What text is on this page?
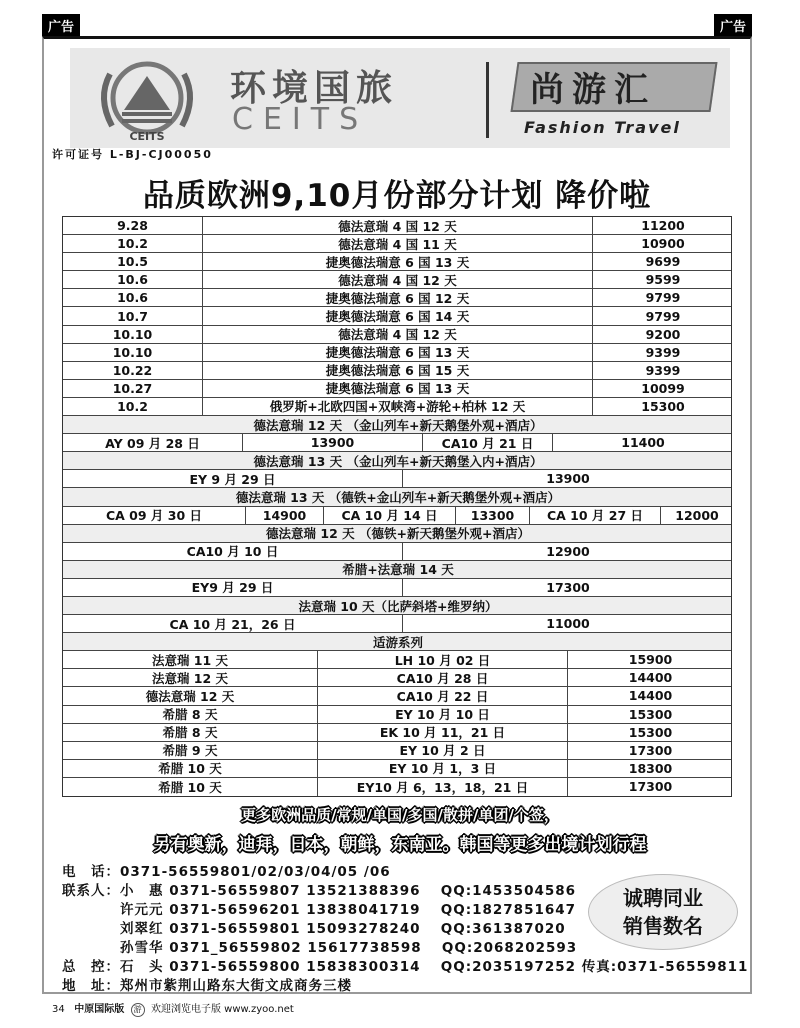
广告	广告
CEITS
环境国旅
CEITS
尚游汇
Fashion Travel
许可证号 L-BJ-CJ00050
品质欧洲9,10月份部分计划 降价啦
9.28	德法意瑞 4 国 12 天	11200
10.2	德法意瑞 4 国 11 天	10900
10.5	捷奥德法瑞意 6 国 13 天	9699
10.6	德法意瑞 4 国 12 天	9599
10.6	捷奥德法瑞意 6 国 12 天	9799
10.7	捷奥德法瑞意 6 国 14 天	9799
10.10	德法意瑞 4 国 12 天	9200
10.10	捷奥德法瑞意 6 国 13 天	9399
10.22	捷奥德法瑞意 6 国 15 天	9399
10.27	捷奥德法瑞意 6 国 13 天	10099
10.2	俄罗斯+北欧四国+双峡湾+游轮+柏林 12 天	15300
德法意瑞 12 天 （金山列车+新天鹅堡外观+酒店）
AY 09 月 28 日	13900	CA10 月 21 日	11400
德法意瑞 13 天 （金山列车+新天鹅堡入内+酒店）
EY 9 月 29 日	13900
德法意瑞 13 天 （德铁+金山列车+新天鹅堡外观+酒店）
CA 09 月 30 日	14900	CA 10 月 14 日	13300	CA 10 月 27 日	12000
德法意瑞 12 天 （德铁+新天鹅堡外观+酒店）
CA10 月 10 日	12900
希腊+法意瑞 14 天
EY9 月 29 日	17300
法意瑞 10 天（比萨斜塔+维罗纳）
CA 10 月 21，26 日	11000
适游系列
法意瑞 11 天	LH 10 月 02 日	15900
法意瑞 12 天	CA10 月 28 日	14400
德法意瑞 12 天	CA10 月 22 日	14400
希腊 8 天	EY 10 月 10 日	15300
希腊 8 天	EK 10 月 11，21 日	15300
希腊 9 天	EY 10 月 2 日	17300
希腊 10 天	EY 10 月 1，3 日	18300
希腊 10 天	EY10 月 6，13，18，21 日	17300
更多欧洲品质/常规/单国/多国/散拼/单团/个签，
另有奥新，迪拜，日本，朝鲜，东南亚。韩国等更多出境计划行程
电　话：0371-56559801/02/03/04/05 /06
联系人：小　惠 0371-56559807 13521388396　 QQ:1453504586
　　　　许元元 0371-56596201 13838041719　 QQ:1827851647
　　　　刘翠红 0371-56559801 15093278240　 QQ:361387020
　　　　孙雪华 0371_56559802 15617738598　 QQ:2068202593
总　控：石　头 0371-56559800 15838300314　 QQ:2035197252 传真:0371-56559811
地　址：郑州市紫荆山路东大街文成商务三楼
诚聘同业
销售数名
34 中原国际版 游 欢迎浏览电子版 www.zyoo.net
